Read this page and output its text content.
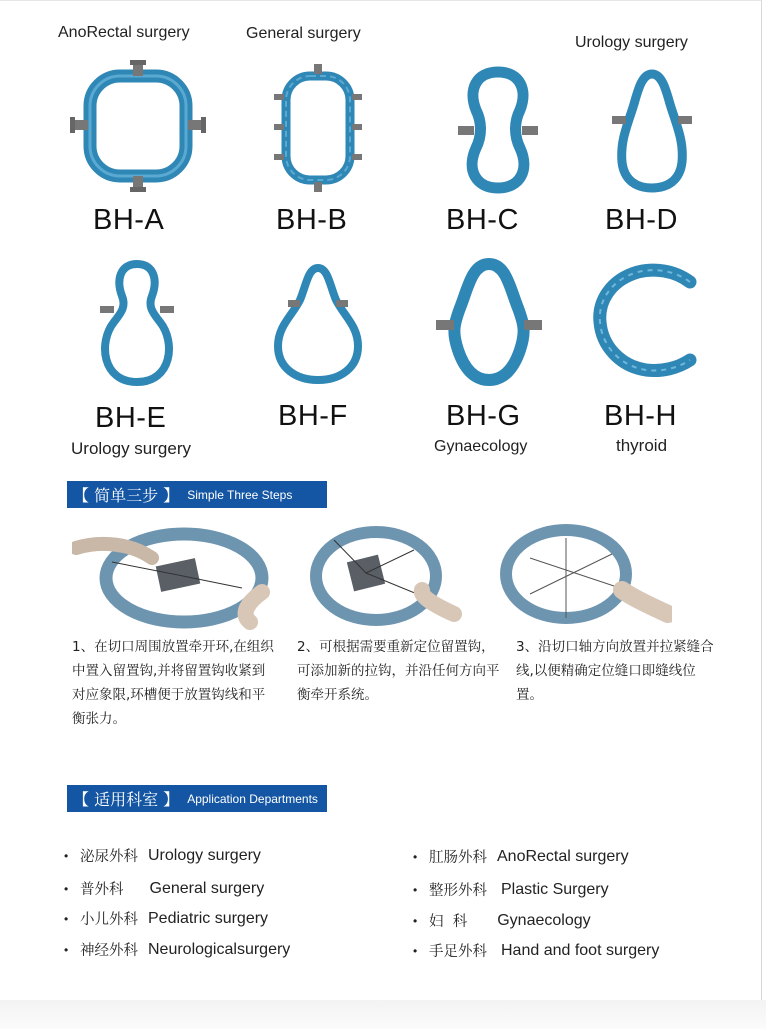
AnoRectal surgery	General surgery
Urology surgery
BH-A	BH-B	BH-C	BH-D
BH-E	BH-F	BH-G	BH-H
Urology surgery	Gynaecology	thyroid
【 简单三步 】 Simple Three Steps
1、在切口周围放置牵开环,在组织中置入留置钩,并将留置钩收紧到对应象限,环槽便于放置钩线和平衡张力。
2、可根据需要重新定位留置钩，可添加新的拉钩，并沿任何方向平衡牵开系统。
3、沿切口轴方向放置并拉紧缝合线,以便精确定位缝口即缝线位置。
【 适用科室 】 Application Departments
• 泌尿外科 Urology surgery
• 普外科 General surgery
• 小儿外科 Pediatric surgery
• 神经外科 Neurologicalsurgery
• 肛肠外科 AnoRectal surgery
• 整形外科 Plastic Surgery
• 妇  科 Gynaecology
• 手足外科 Hand and foot surgery
